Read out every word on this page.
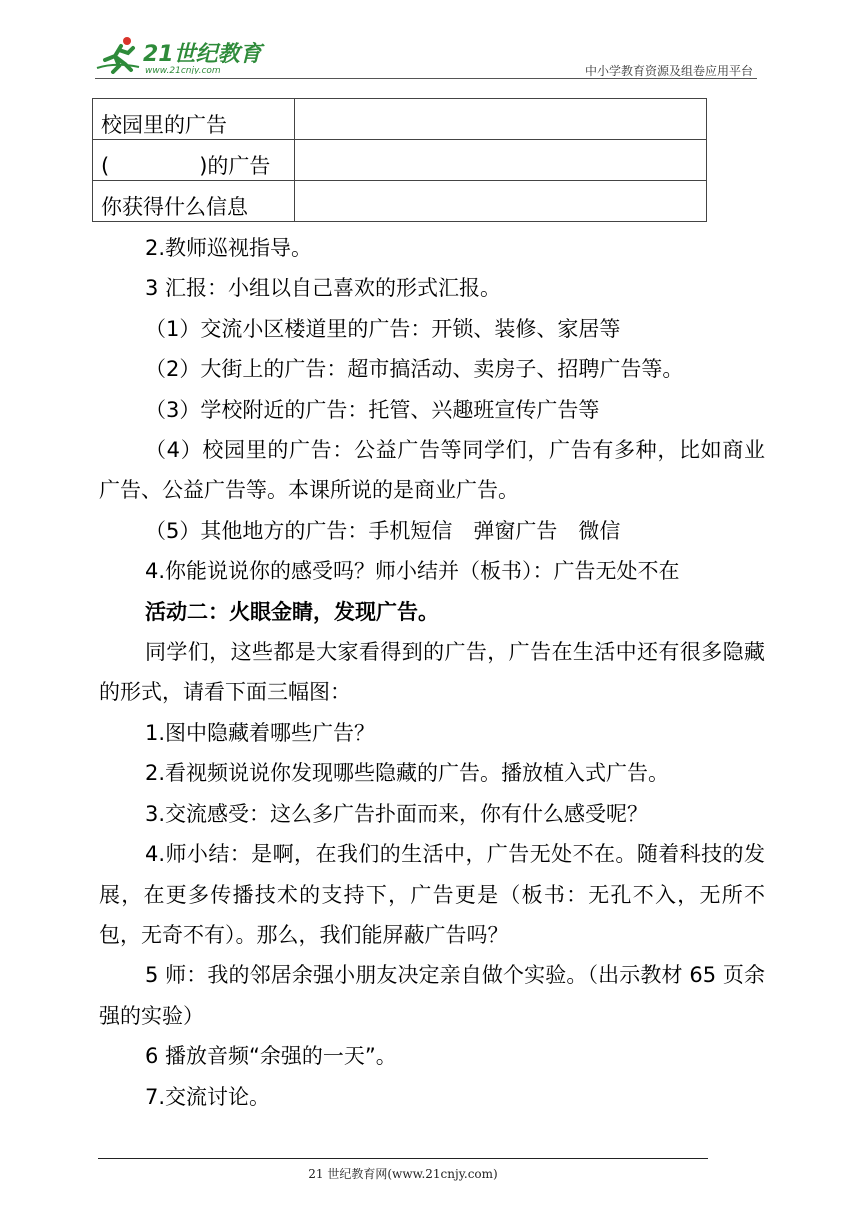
21世纪教育
www.21cnjy.com	中小学教育资源及组卷应用平台
校园里的广告	
( )的广告	
你获得什么信息	

2.教师巡视指导。

3 汇报：小组以自己喜欢的形式汇报。

（1）交流小区楼道里的广告：开锁、装修、家居等

（2）大街上的广告：超市搞活动、卖房子、招聘广告等。

（3）学校附近的广告：托管、兴趣班宣传广告等

（4）校园里的广告：公益广告等同学们，广告有多种，比如商业广告、公益广告等。本课所说的是商业广告。

（5）其他地方的广告：手机短信　弹窗广告　微信

4.你能说说你的感受吗？师小结并（板书）：广告无处不在

活动二：火眼金睛，发现广告。

同学们，这些都是大家看得到的广告，广告在生活中还有很多隐藏的形式，请看下面三幅图：

1.图中隐藏着哪些广告？

2.看视频说说你发现哪些隐藏的广告。播放植入式广告。

3.交流感受：这么多广告扑面而来，你有什么感受呢？

4.师小结：是啊，在我们的生活中，广告无处不在。随着科技的发展，在更多传播技术的支持下，广告更是（板书：无孔不入，无所不包，无奇不有）。那么，我们能屏蔽广告吗？

5 师：我的邻居余强小朋友决定亲自做个实验。（出示教材 65 页余强的实验）

6 播放音频“余强的一天”。

7.交流讨论。

21 世纪教育网(www.21cnjy.com)
